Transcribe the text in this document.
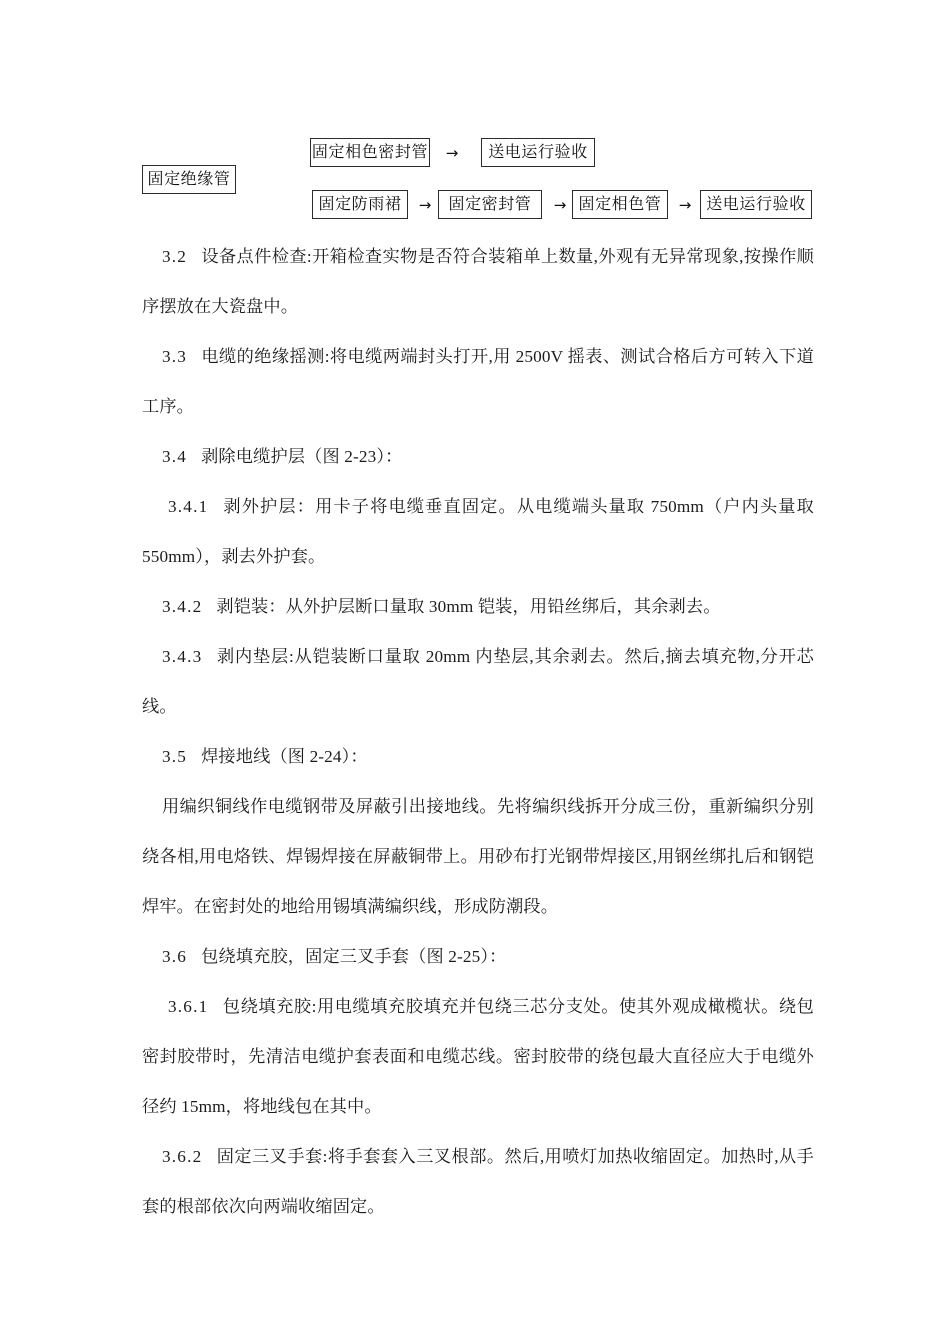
固定绝缘管
固定相色密封管	→	送电运行验收
固定防雨裙	→	固定密封管	→ 固定相色管	→ 送电运行验收

3.2 设备点件检查:开箱检查实物是否符合装箱单上数量,外观有无异常现象,按操作顺序摆放在大瓷盘中。

3.3 电缆的绝缘摇测:将电缆两端封头打开,用 2500V 摇表、测试合格后方可转入下道工序。

3.4 剥除电缆护层（图 2-23）：

3.4.1 剥外护层：用卡子将电缆垂直固定。从电缆端头量取 750mm（户内头量取 550mm），剥去外护套。

3.4.2 剥铠装：从外护层断口量取 30mm 铠装，用铅丝绑后，其余剥去。

3.4.3 剥内垫层:从铠装断口量取 20mm 内垫层,其余剥去。然后,摘去填充物,分开芯线。

3.5 焊接地线（图 2-24）：

用编织铜线作电缆钢带及屏蔽引出接地线。先将编织线拆开分成三份，重新编织分别绕各相,用电烙铁、焊锡焊接在屏蔽铜带上。用砂布打光钢带焊接区,用钢丝绑扎后和钢铠焊牢。在密封处的地给用锡填满编织线，形成防潮段。

3.6 包绕填充胶，固定三叉手套（图 2-25）：

3.6.1 包绕填充胶:用电缆填充胶填充并包绕三芯分支处。使其外观成橄榄状。绕包密封胶带时，先清洁电缆护套表面和电缆芯线。密封胶带的绕包最大直径应大于电缆外径约 15mm，将地线包在其中。

3.6.2 固定三叉手套:将手套套入三叉根部。然后,用喷灯加热收缩固定。加热时,从手套的根部依次向两端收缩固定。
